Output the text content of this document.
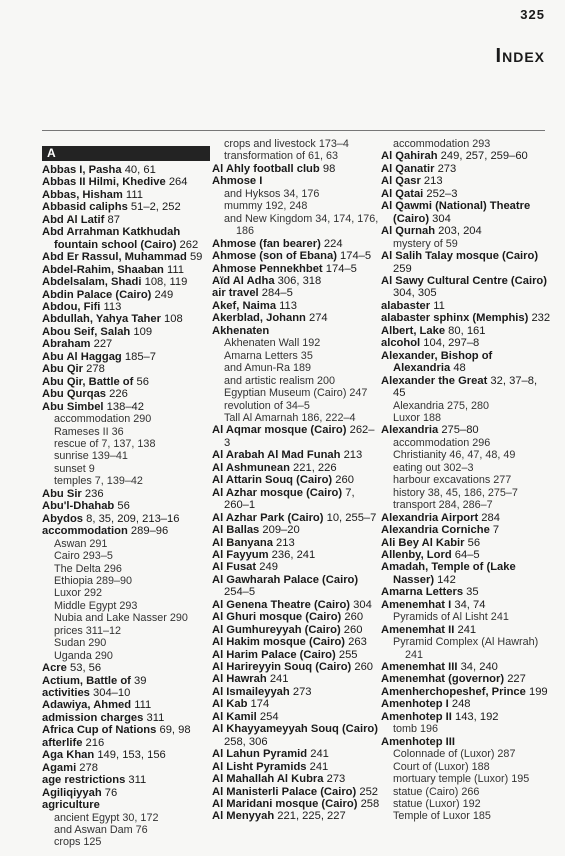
325
Index
A
Abbas I, Pasha 40, 61
Abbas II Hilmi, Khedive 264
Abbas, Hisham 111
Abbasid caliphs 51–2, 252
Abd Al Latif 87
Abd Arrahman Katkhudah fountain school (Cairo) 262
Abd Er Rassul, Muhammad 59
Abdel-Rahim, Shaaban 111
Abdelsalam, Shadi 108, 119
Abdin Palace (Cairo) 249
Abdou, Fifi 113
Abdullah, Yahya Taher 108
Abou Seif, Salah 109
Abraham 227
Abu Al Haggag 185–7
Abu Qir 278
Abu Qir, Battle of 56
Abu Qurqas 226
Abu Simbel 138–42
accommodation 290
Rameses II 36
rescue of 7, 137, 138
sunrise 139–41
sunset 9
temples 7, 139–42
Abu Sir 236
Abu'l-Dhahab 56
Abydos 8, 35, 209, 213–16
accommodation 289–96
Aswan 291
Cairo 293–5
The Delta 296
Ethiopia 289–90
Luxor 292
Middle Egypt 293
Nubia and Lake Nasser 290
prices 311–12
Sudan 290
Uganda 290
Acre 53, 56
Actium, Battle of 39
activities 304–10
Adawiya, Ahmed 111
admission charges 311
Africa Cup of Nations 69, 98
afterlife 216
Aga Khan 149, 153, 156
Agami 278
age restrictions 311
Agiliqiyyah 76
agriculture
ancient Egypt 30, 172
and Aswan Dam 76
crops 125
crops and livestock 173–4
transformation of 61, 63
Al Ahly football club 98
Ahmose I
and Hyksos 34, 176
mummy 192, 248
and New Kingdom 34, 174, 176, 186
Ahmose (fan bearer) 224
Ahmose (son of Ebana) 174–5
Ahmose Pennekhbet 174–5
Aïd Al Adha 306, 318
air travel 284–5
Akef, Naima 113
Akerblad, Johann 274
Akhenaten
Akhenaten Wall 192
Amarna Letters 35
and Amun-Ra 189
and artistic realism 200
Egyptian Museum (Cairo) 247
revolution of 34–5
Tall Al Amarnah 186, 222–4
Al Aqmar mosque (Cairo) 262–3
Al Arabah Al Mad Funah 213
Al Ashmunean 221, 226
Al Attarin Souq (Cairo) 260
Al Azhar mosque (Cairo) 7, 260–1
Al Azhar Park (Cairo) 10, 255–7
Al Ballas 209–20
Al Banyana 213
Al Fayyum 236, 241
Al Fusat 249
Al Gawharah Palace (Cairo) 254–5
Al Genena Theatre (Cairo) 304
Al Ghuri mosque (Cairo) 260
Al Gumhureyyah (Cairo) 260
Al Hakim mosque (Cairo) 263
Al Harim Palace (Cairo) 255
Al Harireyyin Souq (Cairo) 260
Al Hawrah 241
Al Ismaileyyah 273
Al Kab 174
Al Kamil 254
Al Khayyameyyah Souq (Cairo) 258, 306
Al Lahun Pyramid 241
Al Lisht Pyramids 241
Al Mahallah Al Kubra 273
Al Manisterli Palace (Cairo) 252
Al Maridani mosque (Cairo) 258
Al Menyyah 221, 225, 227
accommodation 293
Al Qahirah 249, 257, 259–60
Al Qanatir 273
Al Qasr 213
Al Qatai 252–3
Al Qawmi (National) Theatre (Cairo) 304
Al Qurnah 203, 204
mystery of 59
Al Salih Talay mosque (Cairo) 259
Al Sawy Cultural Centre (Cairo) 304, 305
alabaster 11
alabaster sphinx (Memphis) 232
Albert, Lake 80, 161
alcohol 104, 297–8
Alexander, Bishop of Alexandria 48
Alexander the Great 32, 37–8, 45
Alexandria 275, 280
Luxor 188
Alexandria 275–80
accommodation 296
Christianity 46, 47, 48, 49
eating out 302–3
harbour excavations 277
history 38, 45, 186, 275–7
transport 284, 286–7
Alexandria Airport 284
Alexandria Corniche 7
Ali Bey Al Kabir 56
Allenby, Lord 64–5
Amadah, Temple of (Lake Nasser) 142
Amarna Letters 35
Amenemhat I 34, 74
Pyramids of Al Lisht 241
Amenemhat II 241
Pyramid Complex (Al Hawrah) 241
Amenemhat III 34, 240
Amenemhat (governor) 227
Amenherchopeshef, Prince 199
Amenhotep I 248
Amenhotep II 143, 192
tomb 196
Amenhotep III
Colonnade of (Luxor) 287
Court of (Luxor) 188
mortuary temple (Luxor) 195
statue (Cairo) 266
statue (Luxor) 192
Temple of Luxor 185
